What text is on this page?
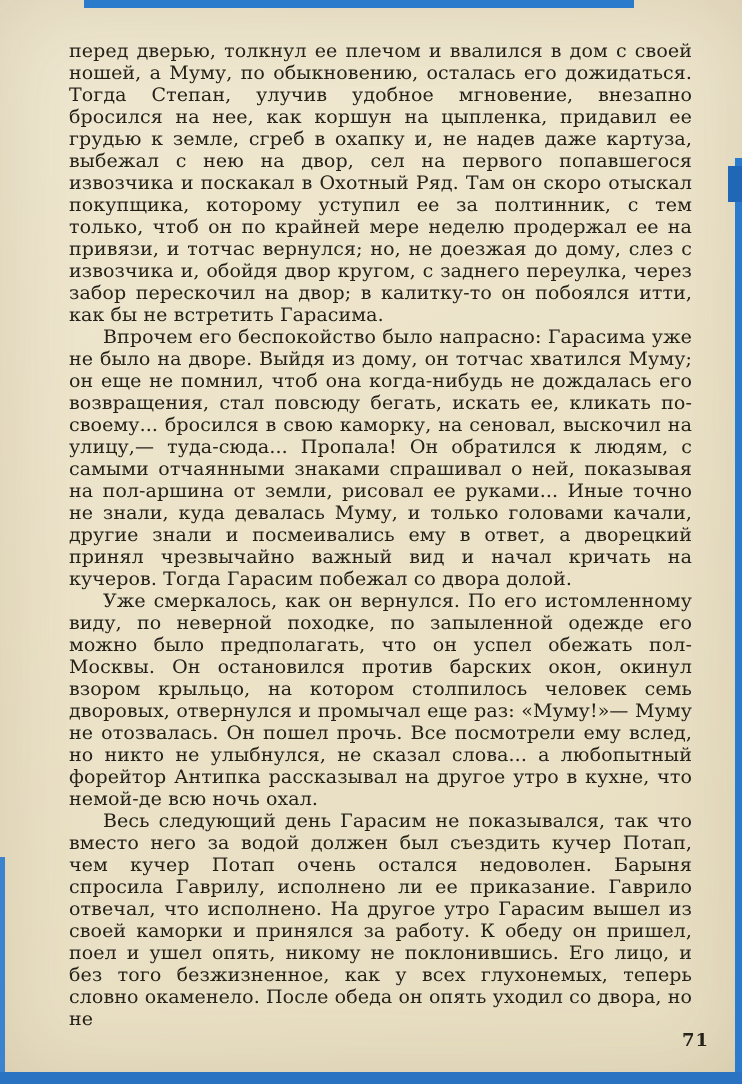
перед дверью, толкнул ее плечом и ввалился в дом с своей ношей, а Муму, по обыкновению, осталась его дожидаться. Тогда Степан, улучив удобное мгновение, внезапно бросился на нее, как коршун на цыпленка, придавил ее грудью к земле, сгреб в охапку и, не надев даже картуза, выбежал с нею на двор, сел на первого попавшегося извозчика и поскакал в Охотный Ряд. Там он скоро отыскал покупщика, которому уступил ее за полтинник, с тем только, чтоб он по крайней мере неделю продержал ее на привязи, и тотчас вернулся; но, не доезжая до дому, слез с извозчика и, обойдя двор кругом, с заднего переулка, через забор перескочил на двор; в калитку-то он побоялся итти, как бы не встретить Гарасима.

Впрочем его беспокойство было напрасно: Гарасима уже не было на дворе. Выйдя из дому, он тотчас хватился Муму; он еще не помнил, чтоб она когда-нибудь не дождалась его возвращения, стал повсюду бегать, искать ее, кликать по-своему... бросился в свою каморку, на сеновал, выскочил на улицу,— туда-сюда... Пропала! Он обратился к людям, с самыми отчаянными знаками спрашивал о ней, показывая на пол-аршина от земли, рисовал ее руками... Иные точно не знали, куда девалась Муму, и только головами качали, другие знали и посмеивались ему в ответ, а дворецкий принял чрезвычайно важный вид и начал кричать на кучеров. Тогда Гарасим побежал со двора долой.

Уже смеркалось, как он вернулся. По его истомленному виду, по неверной походке, по запыленной одежде его можно было предполагать, что он успел обежать пол-Москвы. Он остановился против барских окон, окинул взором крыльцо, на котором столпилось человек семь дворовых, отвернулся и промычал еще раз: «Муму!»— Муму не отозвалась. Он пошел прочь. Все посмотрели ему вслед, но никто не улыбнулся, не сказал слова... а любопытный форейтор Антипка рассказывал на другое утро в кухне, что немой-де всю ночь охал.

Весь следующий день Гарасим не показывался, так что вместо него за водой должен был съездить кучер Потап, чем кучер Потап очень остался недоволен. Барыня спросила Гаврилу, исполнено ли ее приказание. Гаврило отвечал, что исполнено. На другое утро Гарасим вышел из своей каморки и принялся за работу. К обеду он пришел, поел и ушел опять, никому не поклонившись. Его лицо, и без того безжизненное, как у всех глухонемых, теперь словно окаменело. После обеда он опять уходил со двора, но не

71
